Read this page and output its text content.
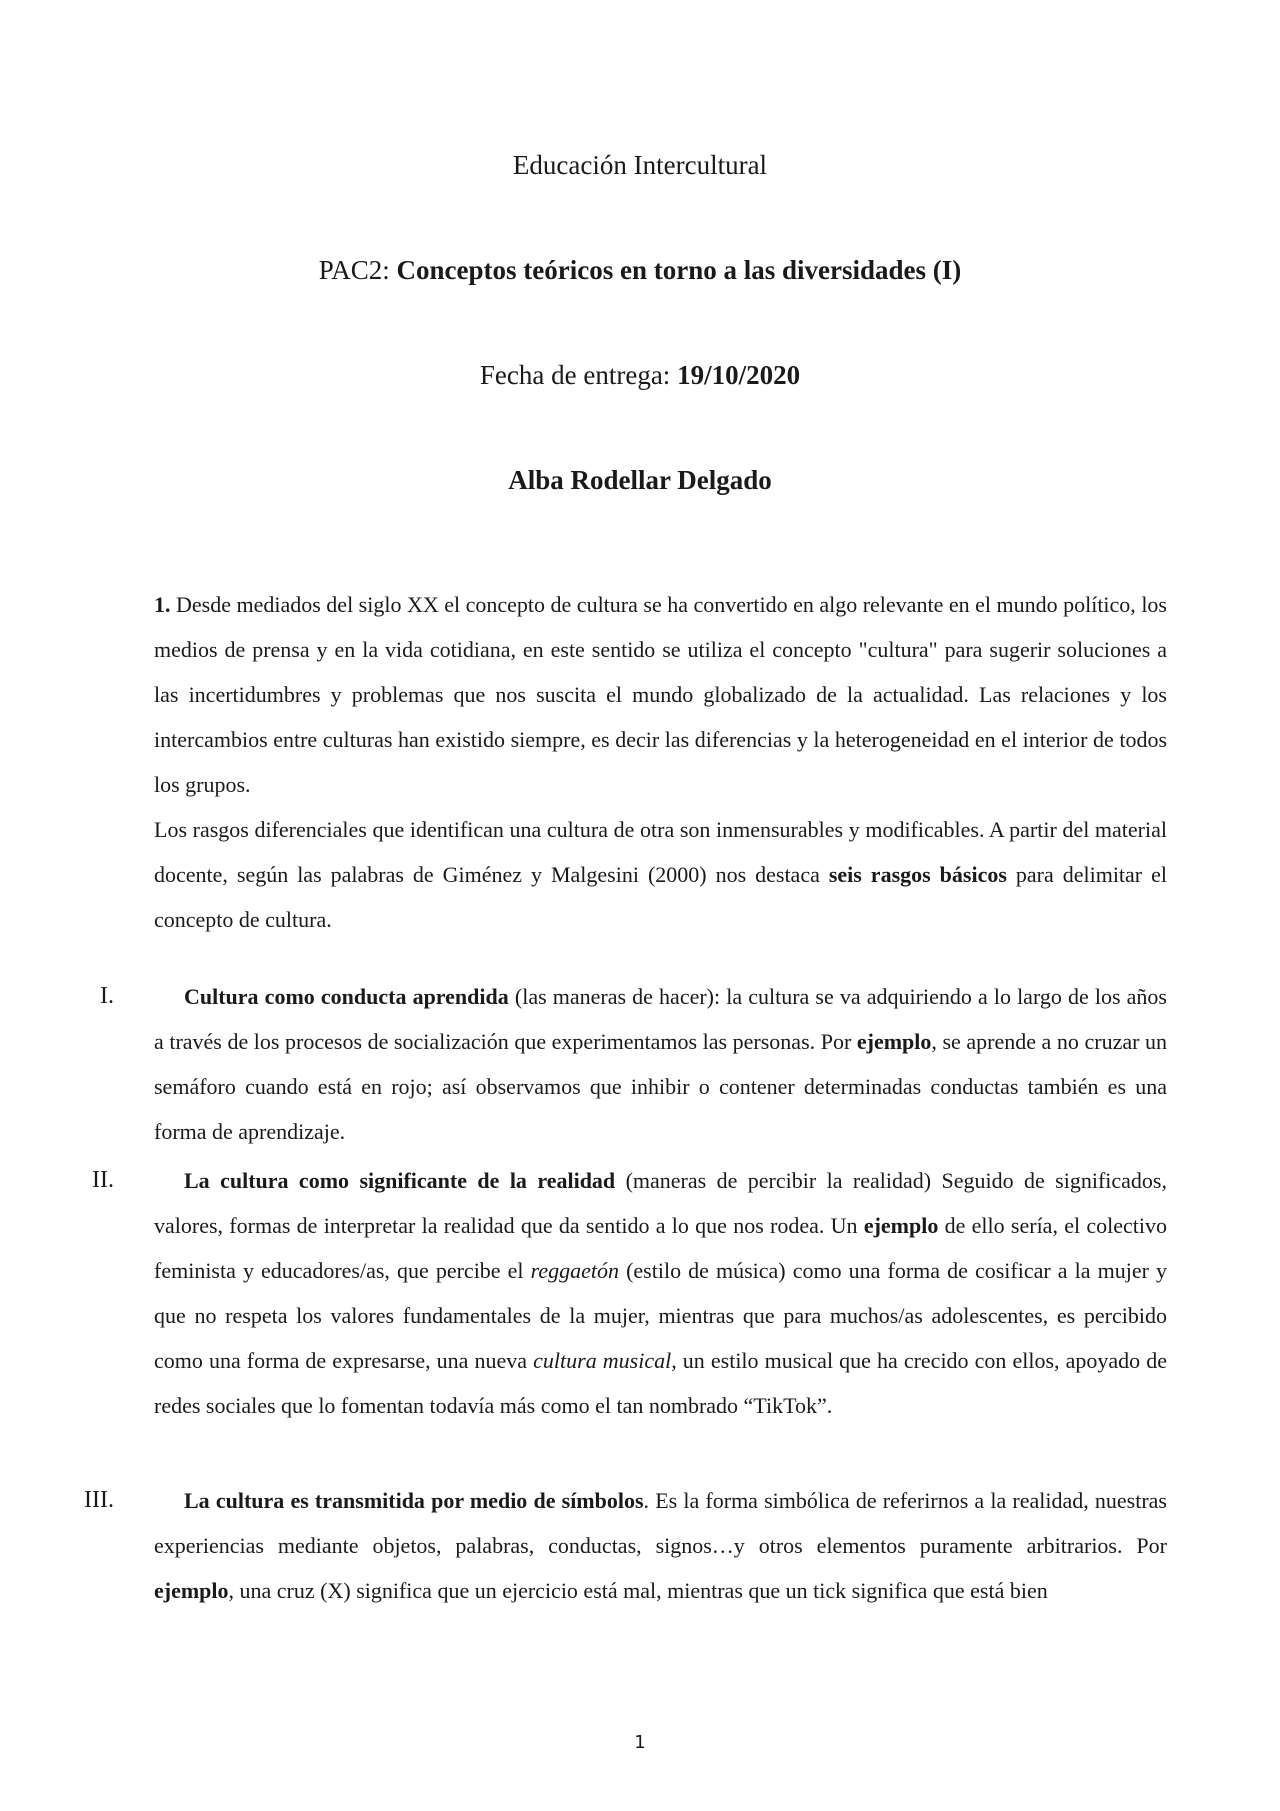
Educación Intercultural
PAC2: Conceptos teóricos en torno a las diversidades (I)
Fecha de entrega: 19/10/2020
Alba Rodellar Delgado
1. Desde mediados del siglo XX el concepto de cultura se ha convertido en algo relevante en el mundo político, los medios de prensa y en la vida cotidiana, en este sentido se utiliza el concepto "cultura" para sugerir soluciones a las incertidumbres y problemas que nos suscita el mundo globalizado de la actualidad. Las relaciones y los intercambios entre culturas han existido siempre, es decir las diferencias y la heterogeneidad en el interior de todos los grupos.
Los rasgos diferenciales que identifican una cultura de otra son inmensurables y modificables. A partir del material docente, según las palabras de Giménez y Malgesini (2000) nos destaca seis rasgos básicos para delimitar el concepto de cultura.
I.	Cultura como conducta aprendida (las maneras de hacer): la cultura se va adquiriendo a lo largo de los años a través de los procesos de socialización que experimentamos las personas. Por ejemplo, se aprende a no cruzar un semáforo cuando está en rojo; así observamos que inhibir o contener determinadas conductas también es una forma de aprendizaje.
II.	La cultura como significante de la realidad (maneras de percibir la realidad) Seguido de significados, valores, formas de interpretar la realidad que da sentido a lo que nos rodea. Un ejemplo de ello sería, el colectivo feminista y educadores/as, que percibe el reggaetón (estilo de música) como una forma de cosificar a la mujer y que no respeta los valores fundamentales de la mujer, mientras que para muchos/as adolescentes, es percibido como una forma de expresarse, una nueva cultura musical, un estilo musical que ha crecido con ellos, apoyado de redes sociales que lo fomentan todavía más como el tan nombrado “TikTok”.
III.	La cultura es transmitida por medio de símbolos. Es la forma simbólica de referirnos a la realidad, nuestras experiencias mediante objetos, palabras, conductas, signos…y otros elementos puramente arbitrarios. Por ejemplo, una cruz (X) significa que un ejercicio está mal, mientras que un tick significa que está bien
1
